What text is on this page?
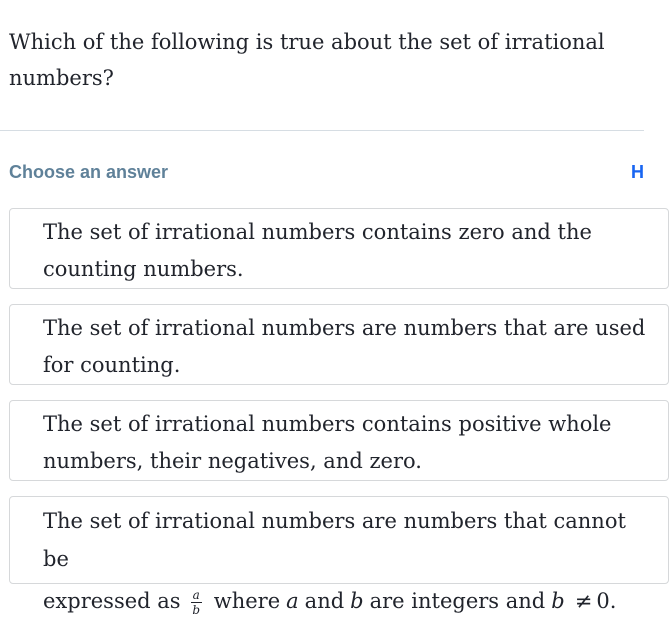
Which of the following is true about the set of irrational numbers?

Choose an answer	H
The set of irrational numbers contains zero and the counting numbers.
The set of irrational numbers are numbers that are used for counting.
The set of irrational numbers contains positive whole numbers, their negatives, and zero.
The set of irrational numbers are numbers that cannot be
expressed as $\frac{a}{b}$ where a and b are integers and b ≠ 0.
